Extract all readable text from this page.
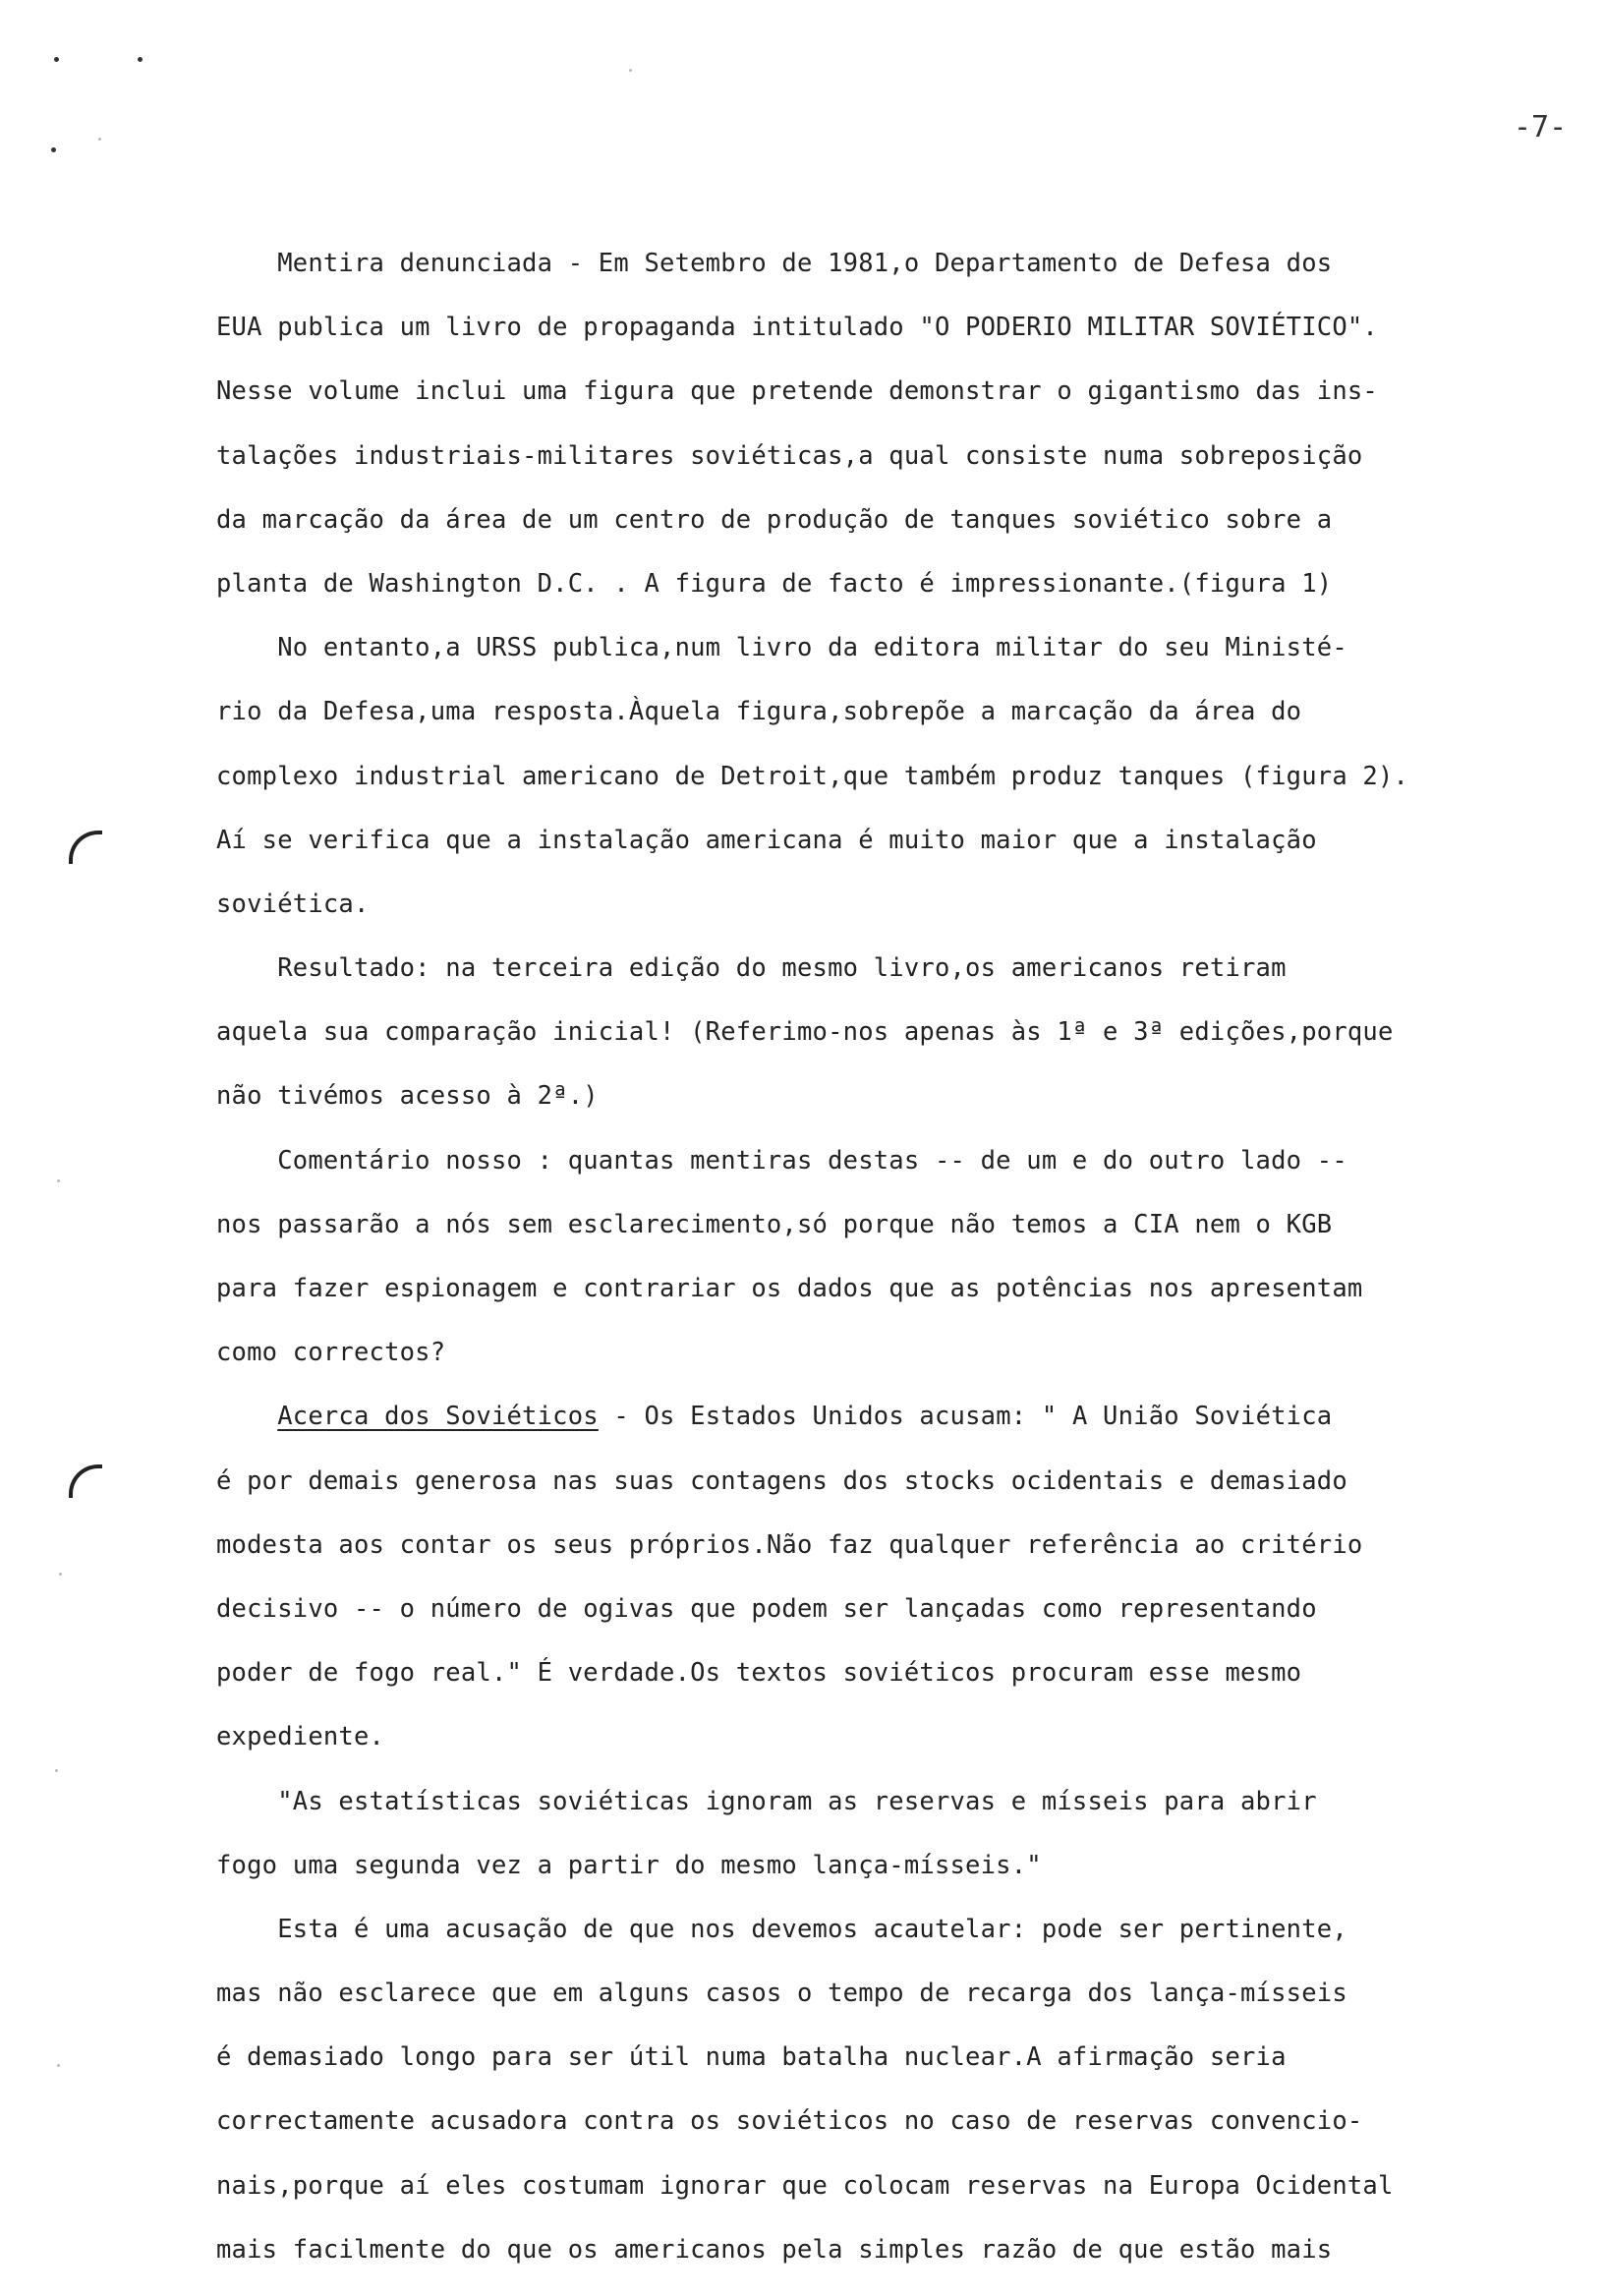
-7-
Mentira denunciada - Em Setembro de 1981,o Departamento de Defesa dos
EUA publica um livro de propaganda intitulado "O PODERIO MILITAR SOVIÉTICO".
Nesse volume inclui uma figura que pretende demonstrar o gigantismo das ins-
talações industriais-militares soviéticas,a qual consiste numa sobreposição
da marcação da área de um centro de produção de tanques soviético sobre a
planta de Washington D.C. . A figura de facto é impressionante.(figura 1)
No entanto,a URSS publica,num livro da editora militar do seu Ministé-
rio da Defesa,uma resposta.Àquela figura,sobrepõe a marcação da área do
complexo industrial americano de Detroit,que também produz tanques (figura 2).
Aí se verifica que a instalação americana é muito maior que a instalação
soviética.
Resultado: na terceira edição do mesmo livro,os americanos retiram
aquela sua comparação inicial! (Referimo-nos apenas às 1ª e 3ª edições,porque
não tivémos acesso à 2ª.)
Comentário nosso : quantas mentiras destas -- de um e do outro lado --
nos passarão a nós sem esclarecimento,só porque não temos a CIA nem o KGB
para fazer espionagem e contrariar os dados que as potências nos apresentam
como correctos?
Acerca dos Soviéticos - Os Estados Unidos acusam: " A União Soviética
é por demais generosa nas suas contagens dos stocks ocidentais e demasiado
modesta aos contar os seus próprios.Não faz qualquer referência ao critério
decisivo -- o número de ogivas que podem ser lançadas como representando
poder de fogo real." É verdade.Os textos soviéticos procuram esse mesmo
expediente.
"As estatísticas soviéticas ignoram as reservas e mísseis para abrir
fogo uma segunda vez a partir do mesmo lança-mísseis."
Esta é uma acusação de que nos devemos acautelar: pode ser pertinente,
mas não esclarece que em alguns casos o tempo de recarga dos lança-mísseis
é demasiado longo para ser útil numa batalha nuclear.A afirmação seria
correctamente acusadora contra os soviéticos no caso de reservas convencio-
nais,porque aí eles costumam ignorar que colocam reservas na Europa Ocidental
mais facilmente do que os americanos pela simples razão de que estão mais
